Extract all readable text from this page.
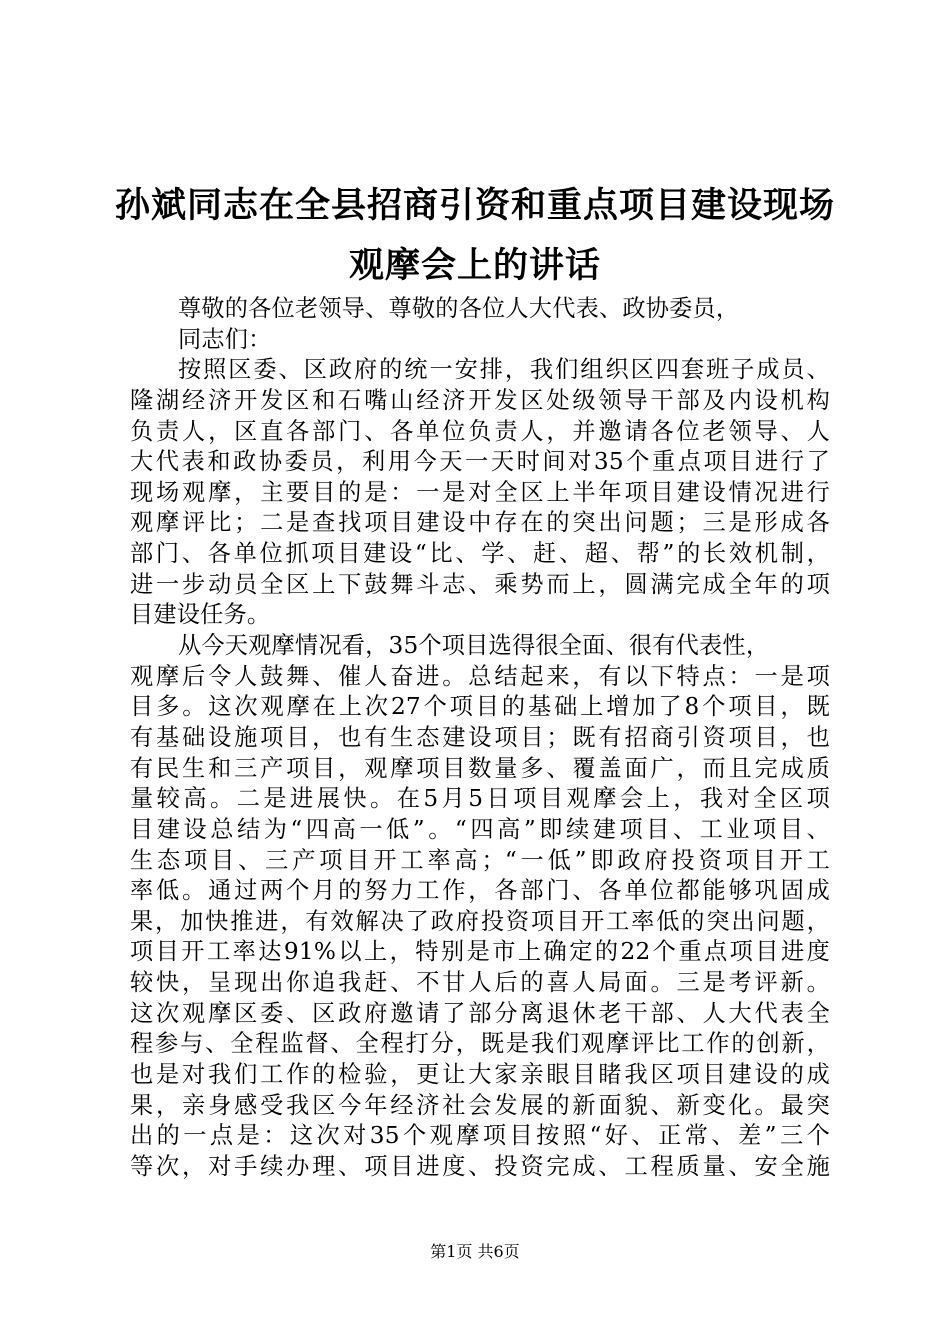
孙斌同志在全县招商引资和重点项目建设现场
观摩会上的讲话
尊敬的各位老领导、尊敬的各位人大代表、政协委员，
同志们：
按照区委、区政府的统一安排，我们组织区四套班子成员、
隆湖经济开发区和石嘴山经济开发区处级领导干部及内设机构
负责人，区直各部门、各单位负责人，并邀请各位老领导、人
大代表和政协委员，利用今天一天时间对35个重点项目进行了
现场观摩，主要目的是：一是对全区上半年项目建设情况进行
观摩评比；二是查找项目建设中存在的突出问题；三是形成各
部门、各单位抓项目建设“比、学、赶、超、帮”的长效机制，
进一步动员全区上下鼓舞斗志、乘势而上，圆满完成全年的项
目建设任务。
从今天观摩情况看，35个项目选得很全面、很有代表性，
观摩后令人鼓舞、催人奋进。总结起来，有以下特点：一是项
目多。这次观摩在上次27个项目的基础上增加了8个项目，既
有基础设施项目，也有生态建设项目；既有招商引资项目，也
有民生和三产项目，观摩项目数量多、覆盖面广，而且完成质
量较高。二是进展快。在5月5日项目观摩会上，我对全区项
目建设总结为“四高一低”。“四高”即续建项目、工业项目、
生态项目、三产项目开工率高；“一低”即政府投资项目开工
率低。通过两个月的努力工作，各部门、各单位都能够巩固成
果，加快推进，有效解决了政府投资项目开工率低的突出问题，
项目开工率达91%以上，特别是市上确定的22个重点项目进度
较快，呈现出你追我赶、不甘人后的喜人局面。三是考评新。
这次观摩区委、区政府邀请了部分离退休老干部、人大代表全
程参与、全程监督、全程打分，既是我们观摩评比工作的创新，
也是对我们工作的检验，更让大家亲眼目睹我区项目建设的成
果，亲身感受我区今年经济社会发展的新面貌、新变化。最突
出的一点是：这次对35个观摩项目按照“好、正常、差”三个
等次，对手续办理、项目进度、投资完成、工程质量、安全施
第1页 共6页
